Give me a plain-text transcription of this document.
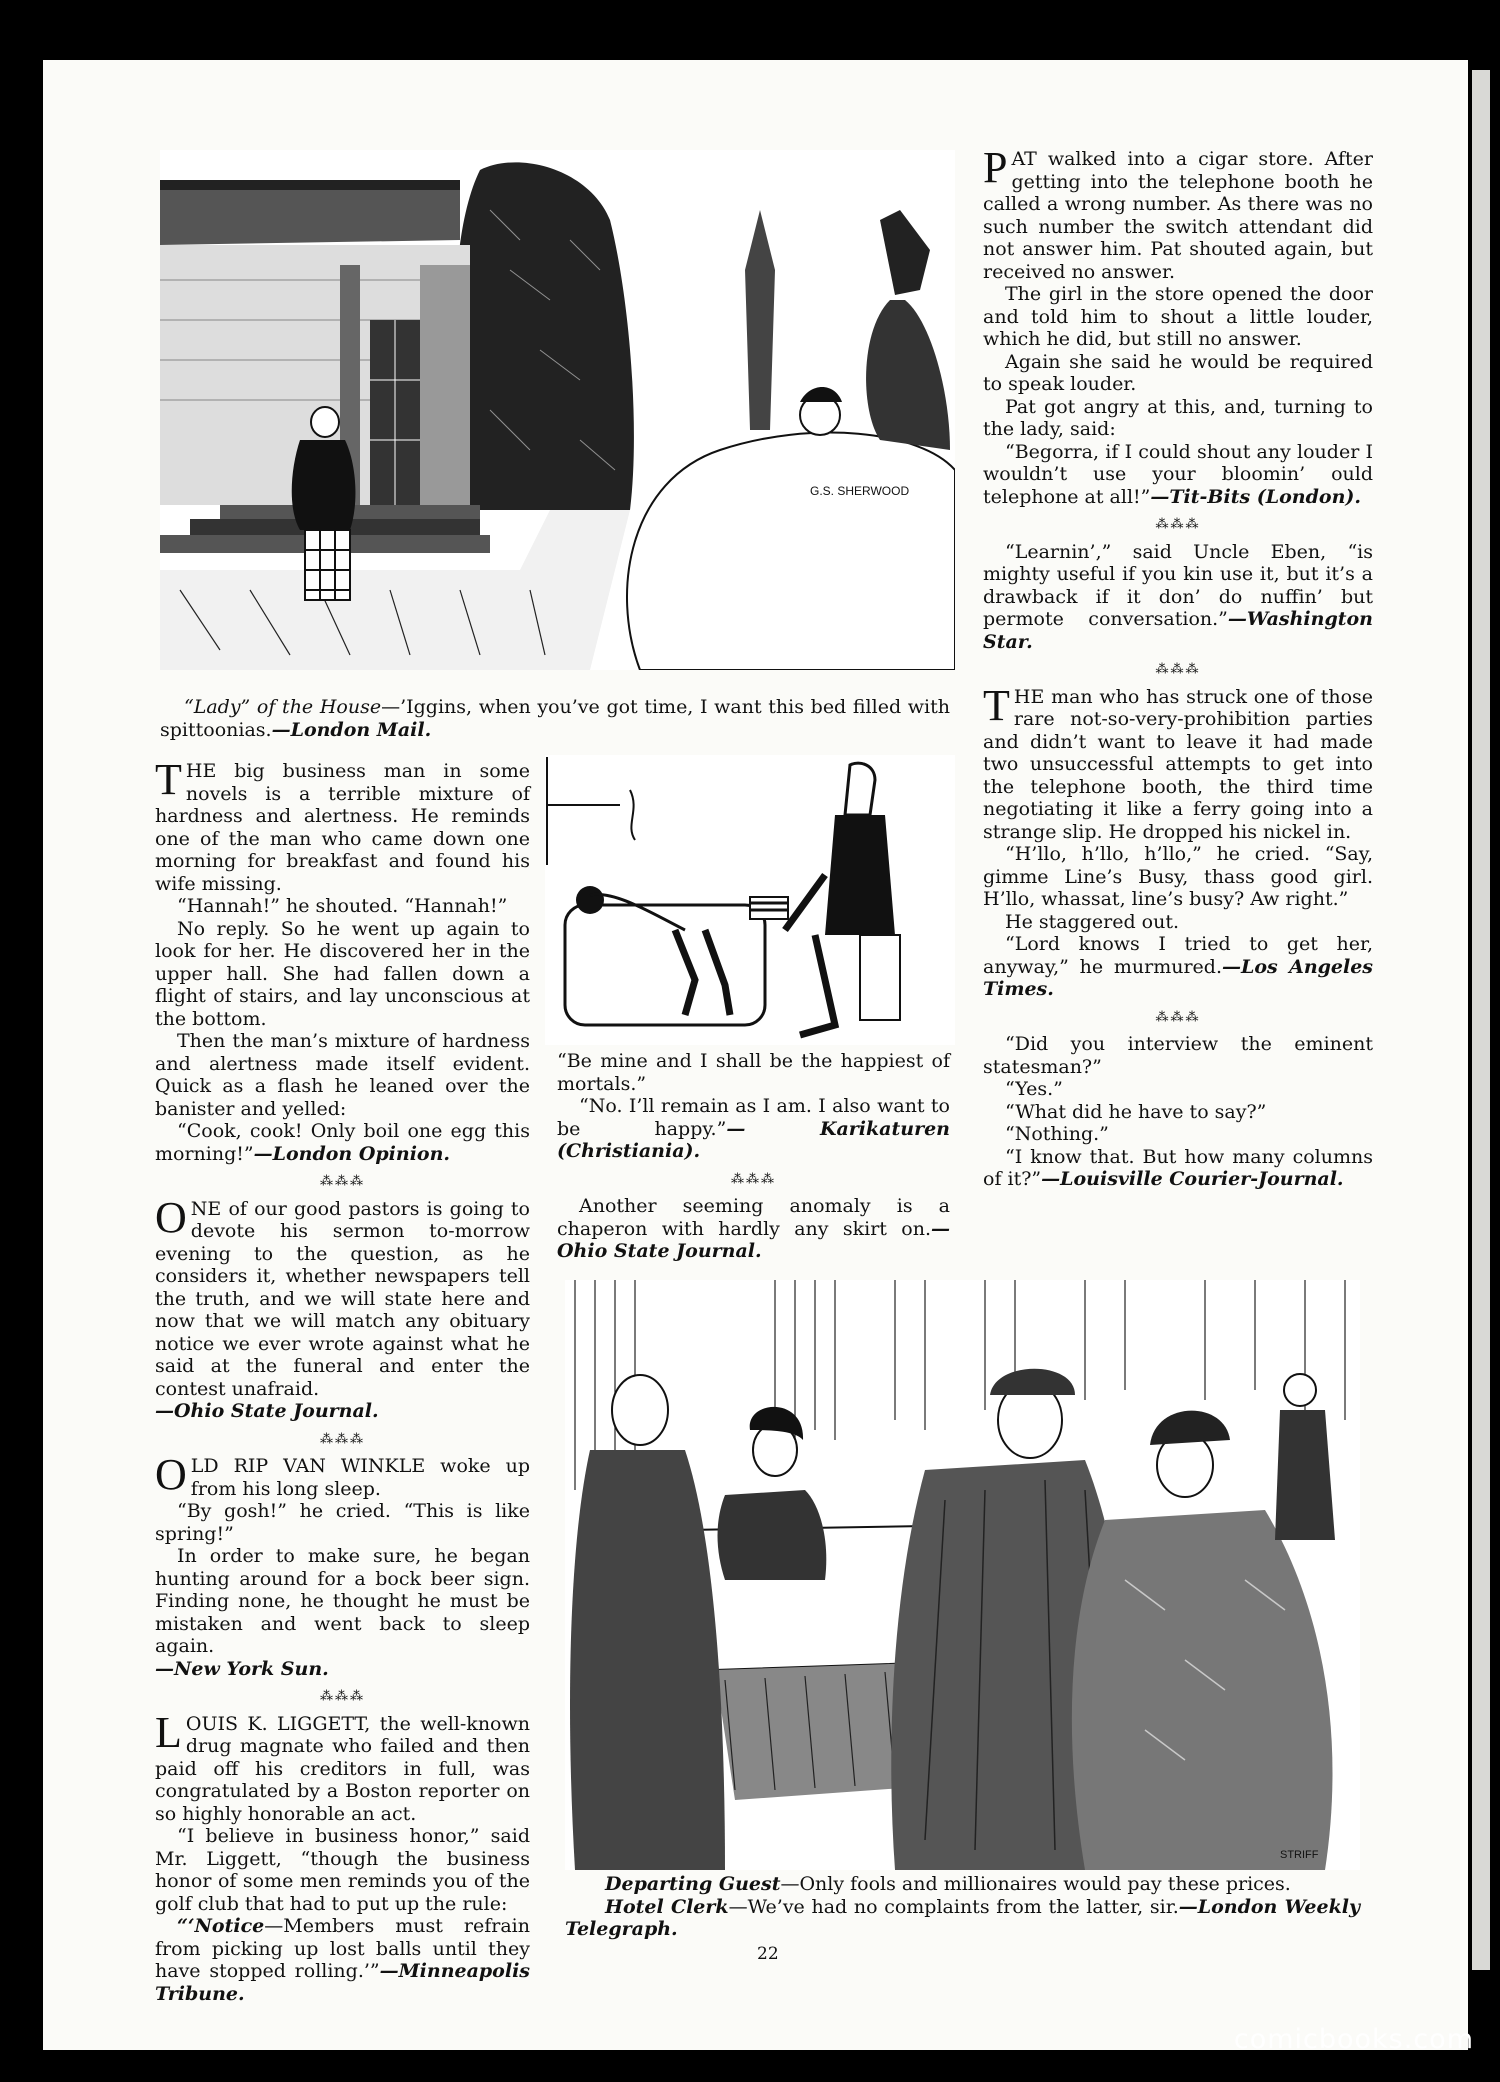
G.S. SHERWOOD

“Lady” of the House—’Iggins, when you’ve got time, I want this bed filled with spittoonias.—London Mail.

“Be mine and I shall be the happiest of mortals.”

“No. I’ll remain as I am. I also want to be happy.”— Karikaturen (Christiania).

⁂⁂⁂

Another seeming anomaly is a chaperon with hardly any skirt on.—Ohio State Journal.

THE big business man in some novels is a terrible mixture of hardness and alertness. He reminds one of the man who came down one morning for breakfast and found his wife missing.

“Hannah!” he shouted. “Hannah!”

No reply. So he went up again to look for her. He discovered her in the upper hall. She had fallen down a flight of stairs, and lay unconscious at the bottom.

Then the man’s mixture of hardness and alertness made itself evident. Quick as a flash he leaned over the banister and yelled:

“Cook, cook! Only boil one egg this morning!”—London Opinion.

⁂⁂⁂

ONE of our good pastors is going to devote his sermon to-morrow evening to the question, as he considers it, whether newspapers tell the truth, and we will state here and now that we will match any obituary notice we ever wrote against what he said at the funeral and enter the contest unafraid.

—Ohio State Journal.

⁂⁂⁂

OLD RIP VAN WINKLE woke up from his long sleep.

“By gosh!” he cried. “This is like spring!”

In order to make sure, he began hunting around for a bock beer sign. Finding none, he thought he must be mistaken and went back to sleep again.

—New York Sun.

⁂⁂⁂

LOUIS K. LIGGETT, the well-known drug magnate who failed and then paid off his creditors in full, was congratulated by a Boston reporter on so highly honorable an act.

“I believe in business honor,” said Mr. Liggett, “though the business honor of some men reminds you of the golf club that had to put up the rule:

“‘Notice—Members must refrain from picking up lost balls until they have stopped rolling.’”—Minneapolis Tribune.

PAT walked into a cigar store. After getting into the telephone booth he called a wrong number. As there was no such number the switch attendant did not answer him. Pat shouted again, but received no answer.

The girl in the store opened the door and told him to shout a little louder, which he did, but still no answer.

Again she said he would be required to speak louder.

Pat got angry at this, and, turning to the lady, said:

“Begorra, if I could shout any louder I wouldn’t use your bloomin’ ould telephone at all!”—Tit-Bits (London).

⁂⁂⁂

“Learnin’,” said Uncle Eben, “is mighty useful if you kin use it, but it’s a drawback if it don’ do nuffin’ but permote conversation.”—Washington Star.

⁂⁂⁂

THE man who has struck one of those rare not-so-very-prohibition parties and didn’t want to leave it had made two unsuccessful attempts to get into the telephone booth, the third time negotiating it like a ferry going into a strange slip. He dropped his nickel in.

“H’llo, h’llo, h’llo,” he cried. “Say, gimme Line’s Busy, thass good girl. H’llo, whassat, line’s busy? Aw right.”

He staggered out.

“Lord knows I tried to get her, anyway,” he murmured.—Los Angeles Times.

⁂⁂⁂

“Did you interview the eminent statesman?”

“Yes.”

“What did he have to say?”

“Nothing.”

“I know that. But how many columns of it?”—Louisville Courier-Journal.

STRIFF

Departing Guest—Only fools and millionaires would pay these prices.

Hotel Clerk—We’ve had no complaints from the latter, sir.—London Weekly Telegraph.

22
comicbooks.com
